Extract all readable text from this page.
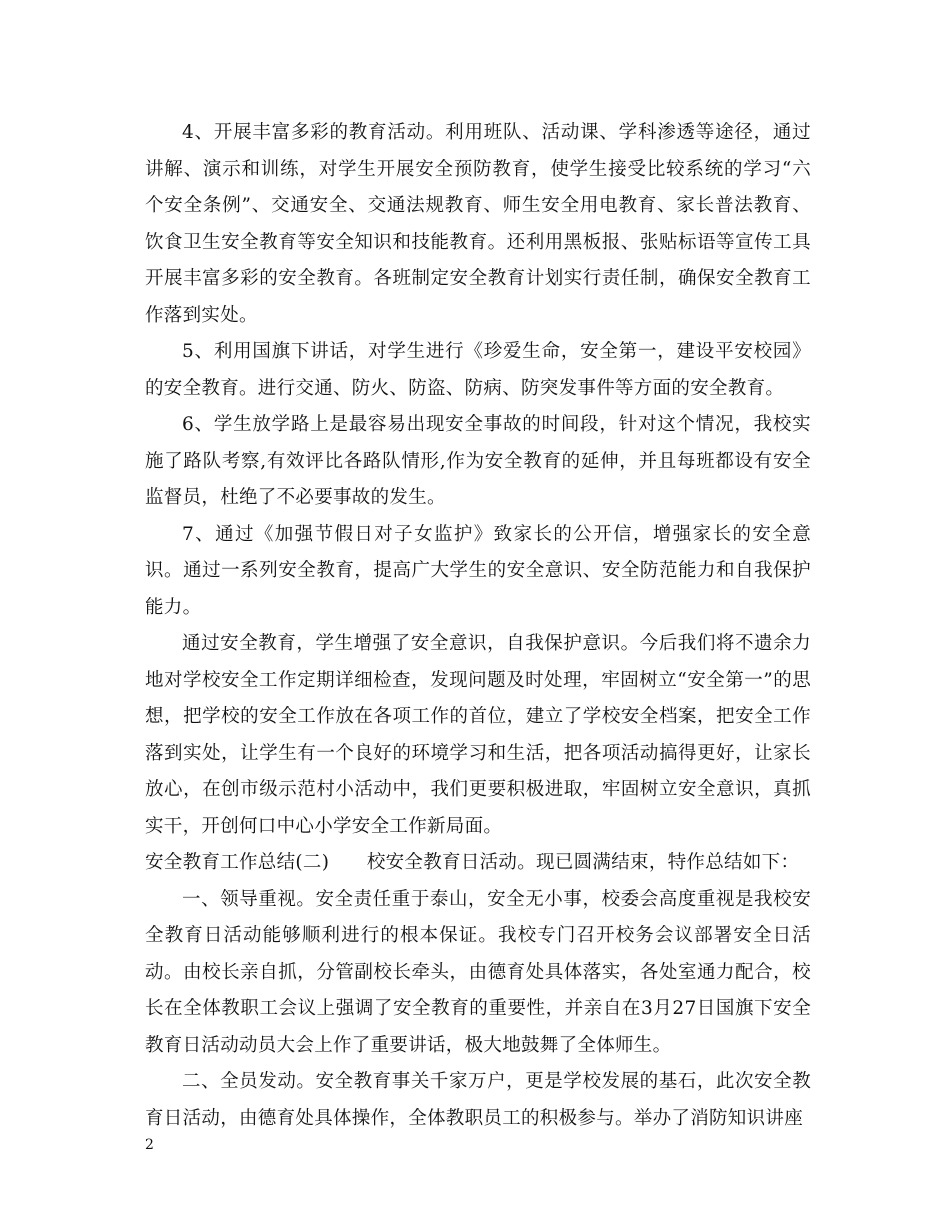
4、开展丰富多彩的教育活动。利用班队、活动课、学科渗透等途径，通过讲解、演示和训练，对学生开展安全预防教育，使学生接受比较系统的学习“六个安全条例”、交通安全、交通法规教育、师生安全用电教育、家长普法教育、饮食卫生安全教育等安全知识和技能教育。还利用黑板报、张贴标语等宣传工具开展丰富多彩的安全教育。各班制定安全教育计划实行责任制，确保安全教育工作落到实处。

5、利用国旗下讲话，对学生进行《珍爱生命，安全第一，建设平安校园》的安全教育。进行交通、防火、防盗、防病、防突发事件等方面的安全教育。

6、学生放学路上是最容易出现安全事故的时间段，针对这个情况，我校实施了路队考察,有效评比各路队情形,作为安全教育的延伸，并且每班都设有安全监督员，杜绝了不必要事故的发生。

7、通过《加强节假日对子女监护》致家长的公开信，增强家长的安全意识。通过一系列安全教育，提高广大学生的安全意识、安全防范能力和自我保护能力。

通过安全教育，学生增强了安全意识，自我保护意识。今后我们将不遗余力地对学校安全工作定期详细检查，发现问题及时处理，牢固树立“安全第一”的思想，把学校的安全工作放在各项工作的首位，建立了学校安全档案，把安全工作落到实处，让学生有一个良好的环境学习和生活，把各项活动搞得更好，让家长放心，在创市级示范村小活动中，我们更要积极进取，牢固树立安全意识，真抓实干，开创何口中心小学安全工作新局面。

安全教育工作总结(二)　　校安全教育日活动。现已圆满结束，特作总结如下：

一、领导重视。安全责任重于泰山，安全无小事，校委会高度重视是我校安全教育日活动能够顺利进行的根本保证。我校专门召开校务会议部署安全日活动。由校长亲自抓，分管副校长牵头，由德育处具体落实，各处室通力配合，校长在全体教职工会议上强调了安全教育的重要性，并亲自在3月27日国旗下安全教育日活动动员大会上作了重要讲话，极大地鼓舞了全体师生。

二、全员发动。安全教育事关千家万户，更是学校发展的基石，此次安全教育日活动，由德育处具体操作，全体教职员工的积极参与。举办了消防知识讲座

2
